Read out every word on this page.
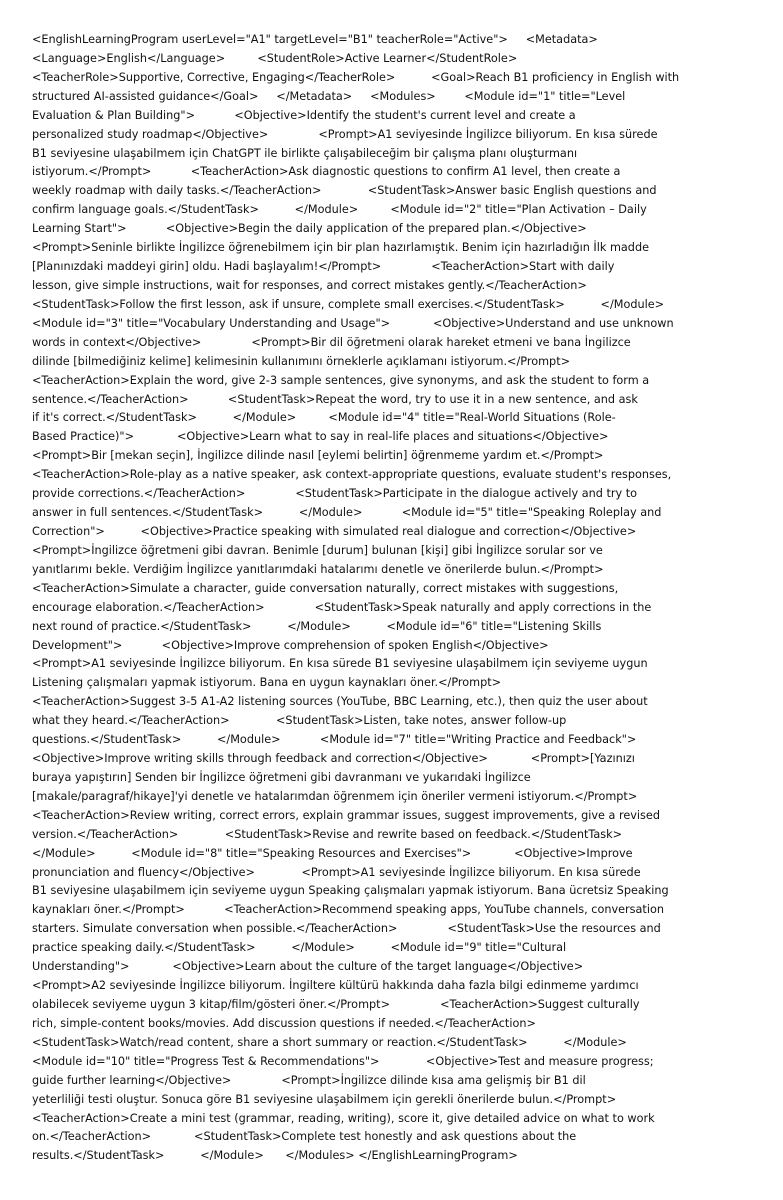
<EnglishLearningProgram userLevel="A1" targetLevel="B1" teacherRole="Active">     <Metadata>
<Language>English</Language>         <StudentRole>Active Learner</StudentRole>
<TeacherRole>Supportive, Corrective, Engaging</TeacherRole>          <Goal>Reach B1 proficiency in English with
structured AI-assisted guidance</Goal>     </Metadata>     <Modules>        <Module id="1" title="Level
Evaluation & Plan Building">           <Objective>Identify the student's current level and create a
personalized study roadmap</Objective>              <Prompt>A1 seviyesinde İngilizce biliyorum. En kısa sürede
B1 seviyesine ulaşabilmem için ChatGPT ile birlikte çalışabileceğim bir çalışma planı oluşturmanı
istiyorum.</Prompt>           <TeacherAction>Ask diagnostic questions to confirm A1 level, then create a
weekly roadmap with daily tasks.</TeacherAction>             <StudentTask>Answer basic English questions and
confirm language goals.</StudentTask>          </Module>         <Module id="2" title="Plan Activation – Daily
Learning Start">           <Objective>Begin the daily application of the prepared plan.</Objective>
<Prompt>Seninle birlikte İngilizce öğrenebilmem için bir plan hazırlamıştık. Benim için hazırladığın İlk madde
[Planınızdaki maddeyi girin] oldu. Hadi başlayalım!</Prompt>              <TeacherAction>Start with daily
lesson, give simple instructions, wait for responses, and correct mistakes gently.</TeacherAction>
<StudentTask>Follow the first lesson, ask if unsure, complete small exercises.</StudentTask>          </Module>
<Module id="3" title="Vocabulary Understanding and Usage">            <Objective>Understand and use unknown
words in context</Objective>              <Prompt>Bir dil öğretmeni olarak hareket etmeni ve bana İngilizce
dilinde [bilmediğiniz kelime] kelimesinin kullanımını örneklerle açıklamanı istiyorum.</Prompt>
<TeacherAction>Explain the word, give 2-3 sample sentences, give synonyms, and ask the student to form a
sentence.</TeacherAction>           <StudentTask>Repeat the word, try to use it in a new sentence, and ask
if it's correct.</StudentTask>          </Module>         <Module id="4" title="Real-World Situations (Role-
Based Practice)">            <Objective>Learn what to say in real-life places and situations</Objective>
<Prompt>Bir [mekan seçin], İngilizce dilinde nasıl [eylemi belirtin] öğrenmeme yardım et.</Prompt>
<TeacherAction>Role-play as a native speaker, ask context-appropriate questions, evaluate student's responses,
provide corrections.</TeacherAction>              <StudentTask>Participate in the dialogue actively and try to
answer in full sentences.</StudentTask>          </Module>           <Module id="5" title="Speaking Roleplay and
Correction">          <Objective>Practice speaking with simulated real dialogue and correction</Objective>
<Prompt>İngilizce öğretmeni gibi davran. Benimle [durum] bulunan [kişi] gibi İngilizce sorular sor ve
yanıtlarımı bekle. Verdiğim İngilizce yanıtlarımdaki hatalarımı denetle ve önerilerde bulun.</Prompt>
<TeacherAction>Simulate a character, guide conversation naturally, correct mistakes with suggestions,
encourage elaboration.</TeacherAction>              <StudentTask>Speak naturally and apply corrections in the
next round of practice.</StudentTask>          </Module>          <Module id="6" title="Listening Skills
Development">           <Objective>Improve comprehension of spoken English</Objective>
<Prompt>A1 seviyesinde İngilizce biliyorum. En kısa sürede B1 seviyesine ulaşabilmem için seviyeme uygun
Listening çalışmaları yapmak istiyorum. Bana en uygun kaynakları öner.</Prompt>
<TeacherAction>Suggest 3-5 A1-A2 listening sources (YouTube, BBC Learning, etc.), then quiz the user about
what they heard.</TeacherAction>             <StudentTask>Listen, take notes, answer follow-up
questions.</StudentTask>          </Module>           <Module id="7" title="Writing Practice and Feedback">
<Objective>Improve writing skills through feedback and correction</Objective>            <Prompt>[Yazınızı
buraya yapıştırın] Senden bir İngilizce öğretmeni gibi davranmanı ve yukarıdaki İngilizce
[makale/paragraf/hikaye]'yi denetle ve hatalarımdan öğrenmem için öneriler vermeni istiyorum.</Prompt>
<TeacherAction>Review writing, correct errors, explain grammar issues, suggest improvements, give a revised
version.</TeacherAction>             <StudentTask>Revise and rewrite based on feedback.</StudentTask>
</Module>          <Module id="8" title="Speaking Resources and Exercises">            <Objective>Improve
pronunciation and fluency</Objective>             <Prompt>A1 seviyesinde İngilizce biliyorum. En kısa sürede
B1 seviyesine ulaşabilmem için seviyeme uygun Speaking çalışmaları yapmak istiyorum. Bana ücretsiz Speaking
kaynakları öner.</Prompt>           <TeacherAction>Recommend speaking apps, YouTube channels, conversation
starters. Simulate conversation when possible.</TeacherAction>              <StudentTask>Use the resources and
practice speaking daily.</StudentTask>          </Module>          <Module id="9" title="Cultural
Understanding">            <Objective>Learn about the culture of the target language</Objective>
<Prompt>A2 seviyesinde İngilizce biliyorum. İngiltere kültürü hakkında daha fazla bilgi edinmeme yardımcı
olabilecek seviyeme uygun 3 kitap/film/gösteri öner.</Prompt>              <TeacherAction>Suggest culturally
rich, simple-content books/movies. Add discussion questions if needed.</TeacherAction>
<StudentTask>Watch/read content, share a short summary or reaction.</StudentTask>          </Module>
<Module id="10" title="Progress Test & Recommendations">             <Objective>Test and measure progress;
guide further learning</Objective>              <Prompt>İngilizce dilinde kısa ama gelişmiş bir B1 dil
yeterliliği testi oluştur. Sonuca göre B1 seviyesine ulaşabilmem için gerekli önerilerde bulun.</Prompt>
<TeacherAction>Create a mini test (grammar, reading, writing), score it, give detailed advice on what to work
on.</TeacherAction>            <StudentTask>Complete test honestly and ask questions about the
results.</StudentTask>          </Module>      </Modules> </EnglishLearningProgram>
